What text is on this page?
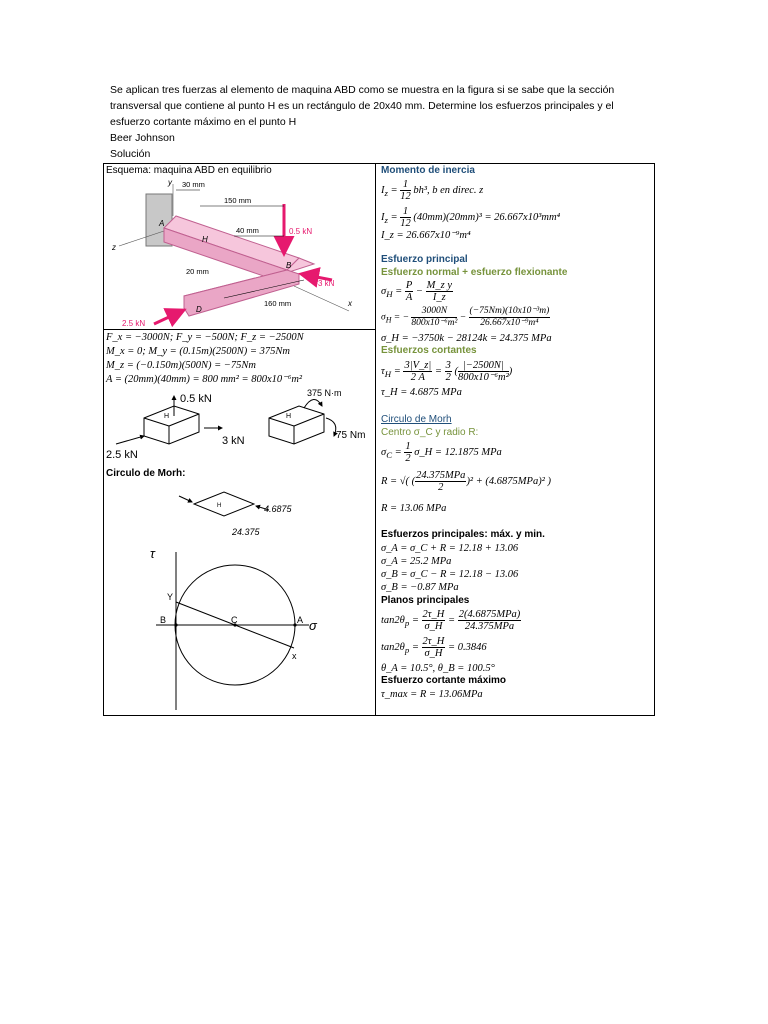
Se aplican tres fuerzas al elemento de maquina ABD como se muestra en la figura si se sabe que la sección

transversal que contiene al punto H es un rectángulo de 20x40 mm. Determine los esfuerzos principales y el

esfuerzo cortante máximo en el punto H

Beer Johnson

Solución

Esquema: maquina ABD en equilibrio
30 mm
150 mm
40 mm
20 mm
160 mm
0.5 kN
3 kN
2.5 kN
A
B
D
H
y
z
x
F_x = −3000N; F_y = −500N; F_z = −2500N
M_x = 0; M_y = (0.15m)(2500N) = 375Nm
M_z = (−0.150m)(500N) = −75Nm
A = (20mm)(40mm) = 800 mm² = 800x10⁻⁶m²
0.5 kN
3 kN
2.5 kN
H
375 N·m
75 Nm
H
Circulo de Morh:
H	4.6875
24.375
τ
σ
B	C	A
Y
x
Momento de inercia
$I_z = \frac{1}{12} bh^3$, b en direc. z
$I_z = \frac{1}{12} (40mm)(20mm)^3 = 26.667x10^3mm^4$
I_z = 26.667x10⁻⁹m⁴
Esfuerzo principal
Esfuerzo normal + esfuerzo flexionante
$\sigma_H = \frac{P}{A} - \frac{\text{M\_z y}}{I\_z}$
$\sigma_H$ = − $\frac{3000N}{\text{800x10⁻⁶m²}} - \frac{\text{(−75Nm)(10x10⁻³m)}}{\text{26.667x10⁻⁹m⁴}}$
σ_H = −3750k − 28124k = 24.375 MPa
Esfuerzos cortantes
$\tau_H = \frac{3|V\_z|}{2 A} = \frac{3}{2}$ ( $\frac{|-2500N|}{\text{800x10⁻⁶m²}}$ )
τ_H = 4.6875 MPa
Circulo de Morh
Centro σ_C y radio R:
$\sigma_C = \frac{1}{2}$ σ_H = 12.1875 MPa
R = √( ( $\frac{\text{24.375MPa}}{2} )^2 + (4.6875MPa)^2$ )
R = 13.06 MPa
Esfuerzos principales: máx. y min.
σ_A = σ_C + R = 12.18 + 13.06
σ_A = 25.2 MPa
σ_B = σ_C − R = 12.18 − 13.06
σ_B = −0.87 MPa
Planos principales
$\tan 2\theta_p = \frac{2\tau\_H}{\sigma\_H} = \frac{\text{2(4.6875MPa)}}{\text{24.375MPa}}$
$\tan 2\theta_p = \frac{2\tau\_H}{\sigma\_H} = 0.3846$
θ_A = 10.5°, θ_B = 100.5°
Esfuerzo cortante máximo
τ_max = R = 13.06MPa
